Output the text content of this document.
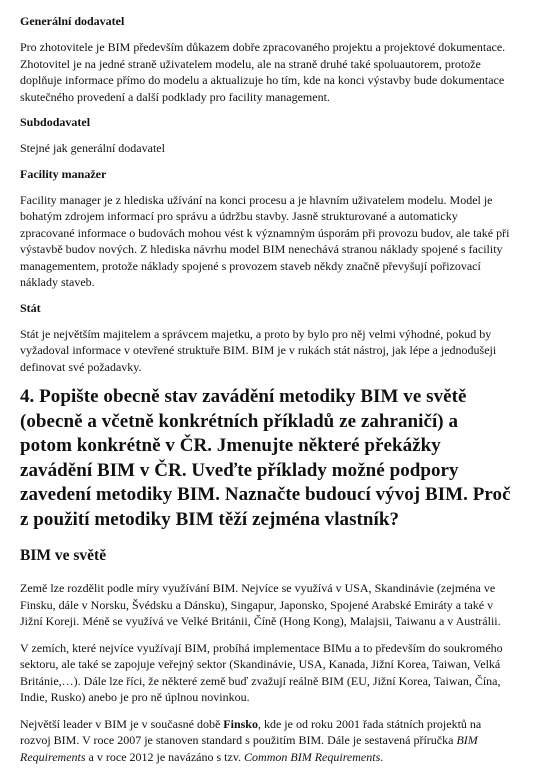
Generální dodavatel
Pro zhotovitele je BIM především důkazem dobře zpracovaného projektu a projektové dokumentace. Zhotovitel je na jedné straně uživatelem modelu, ale na straně druhé také spoluautorem, protože doplňuje informace přímo do modelu a aktualizuje ho tím, kde na konci výstavby bude dokumentace skutečného provedení a další podklady pro facility management.
Subdodavatel
Stejné jak generální dodavatel
Facility manažer
Facility manager je z hlediska užívání na konci procesu a je hlavním uživatelem modelu. Model je bohatým zdrojem informací pro správu a údržbu stavby. Jasně strukturované a automaticky zpracované informace o budovách mohou vést k významným úsporám při provozu budov, ale také při výstavbě budov nových. Z hlediska návrhu model BIM nenechává stranou náklady spojené s facility managementem, protože náklady spojené s provozem staveb někdy značně převyšují pořizovací náklady staveb.
Stát
Stát je největším majitelem a správcem majetku, a proto by bylo pro něj velmi výhodné, pokud by vyžadoval informace v otevřené struktuře BIM. BIM je v rukách stát nástroj, jak lépe a jednodušeji definovat své požadavky.
4. Popište obecně stav zavádění metodiky BIM ve světě (obecně a včetně konkrétních příkladů ze zahraničí) a potom konkrétně v ČR. Jmenujte některé překážky zavádění BIM v ČR. Uveďte příklady možné podpory zavedení metodiky BIM. Naznačte budoucí vývoj BIM. Proč z použití metodiky BIM těží zejména vlastník?
BIM ve světě
Země lze rozdělit podle míry využívání BIM. Nejvíce se využívá v USA, Skandinávie (zejména ve Finsku, dále v Norsku, Švédsku a Dánsku), Singapur, Japonsko, Spojené Arabské Emiráty a také v Jižní Koreji. Méně se využívá ve Velké Británii, Číně (Hong Kong), Malajsii, Taiwanu a v Austrálii.
V zemích, které nejvíce využívají BIM, probíhá implementace BIMu a to především do soukromého sektoru, ale také se zapojuje veřejný sektor (Skandinávie, USA, Kanada, Jižní Korea, Taiwan, Velká Británie,…). Dále lze říci, že některé země buď zvažují reálně BIM (EU, Jižní Korea, Taiwan, Čína, Indie, Rusko) anebo je pro ně úplnou novinkou.
Největší leader v BIM je v současné době Finsko, kde je od roku 2001 řada státních projektů na rozvoj BIM. V roce 2007 je stanoven standard s použitím BIM. Dále je sestavená příručka BIM Requirements a v roce 2012 je navázáno s tzv. Common BIM Requirements.
